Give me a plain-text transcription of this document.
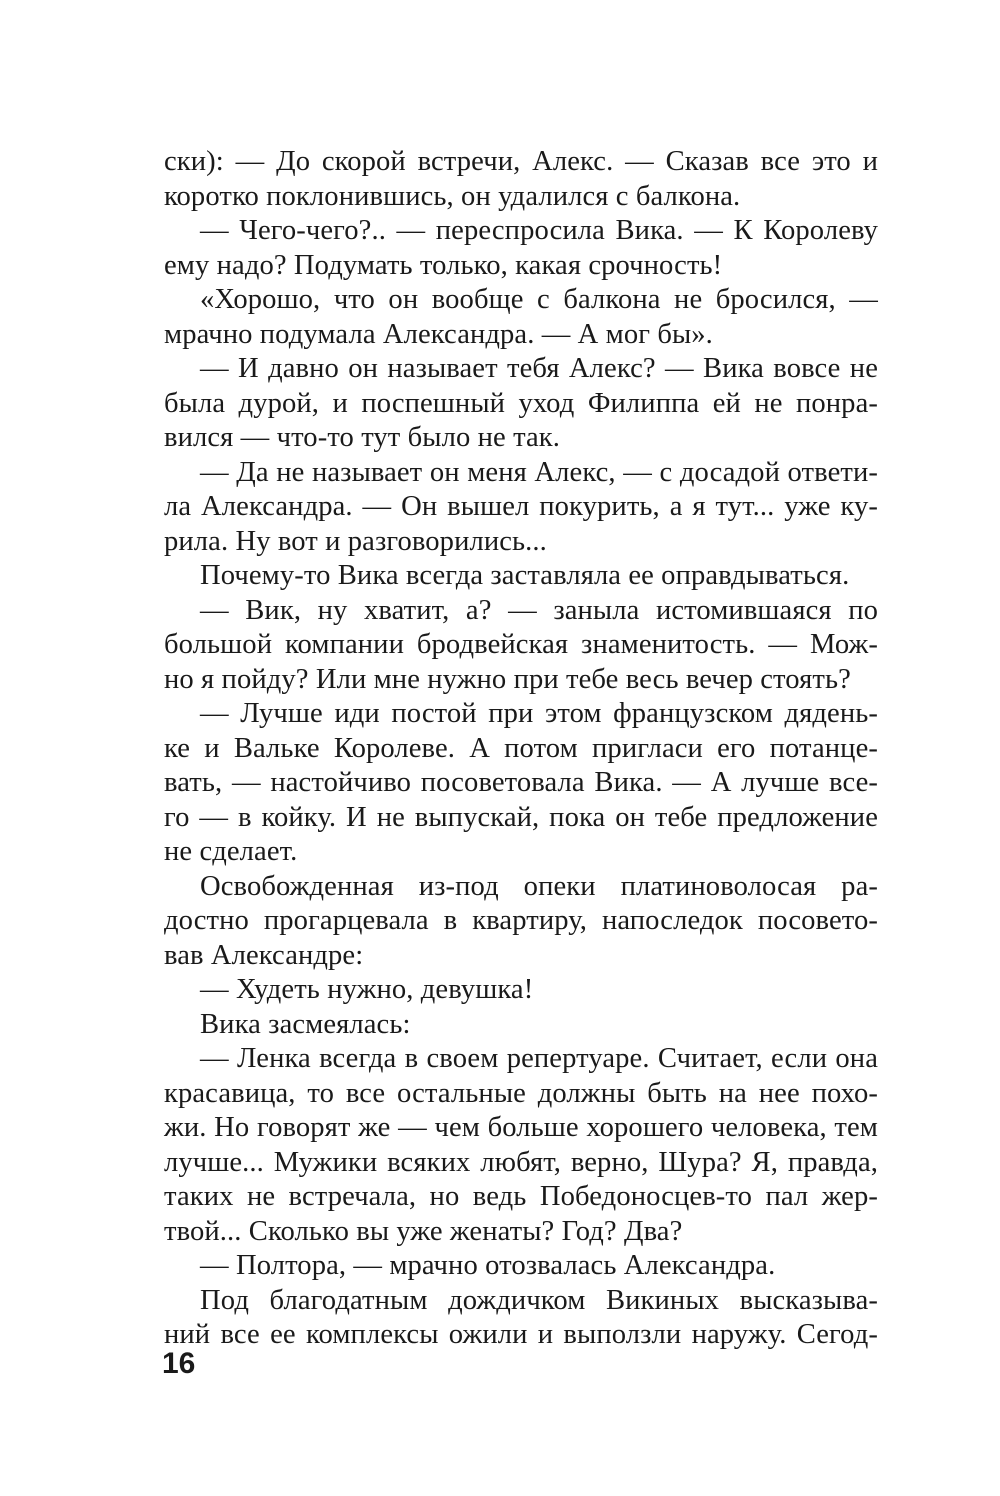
ски): — До скорой встречи, Алекс. — Сказав все это и
коротко поклонившись, он удалился с балкона.
— Чего-чего?.. — переспросила Вика. — К Королеву
ему надо? Подумать только, какая срочность!
«Хорошо, что он вообще с балкона не бросился, —
мрачно подумала Александра. — А мог бы».
— И давно он называет тебя Алекс? — Вика вовсе не
была дурой, и поспешный уход Филиппа ей не понра-
вился — что-то тут было не так.
— Да не называет он меня Алекс, — с досадой ответи-
ла Александра. — Он вышел покурить, а я тут... уже ку-
рила. Ну вот и разговорились...
Почему-то Вика всегда заставляла ее оправдываться.
— Вик, ну хватит, а? — заныла истомившаяся по
большой компании бродвейская знаменитость. — Мож-
но я пойду? Или мне нужно при тебе весь вечер стоять?
— Лучше иди постой при этом французском дядень-
ке и Вальке Королеве. А потом пригласи его потанце-
вать, — настойчиво посоветовала Вика. — А лучше все-
го — в койку. И не выпускай, пока он тебе предложение
не сделает.
Освобожденная из-под опеки платиноволосая ра-
достно прогарцевала в квартиру, напоследок посовето-
вав Александре:
— Худеть нужно, девушка!
Вика засмеялась:
— Ленка всегда в своем репертуаре. Считает, если она
красавица, то все остальные должны быть на нее похо-
жи. Но говорят же — чем больше хорошего человека, тем
лучше... Мужики всяких любят, верно, Шура? Я, правда,
таких не встречала, но ведь Победоносцев-то пал жер-
твой... Сколько вы уже женаты? Год? Два?
— Полтора, — мрачно отозвалась Александра.
Под благодатным дождичком Викиных высказыва-
ний все ее комплексы ожили и выползли наружу. Сегод-
16
